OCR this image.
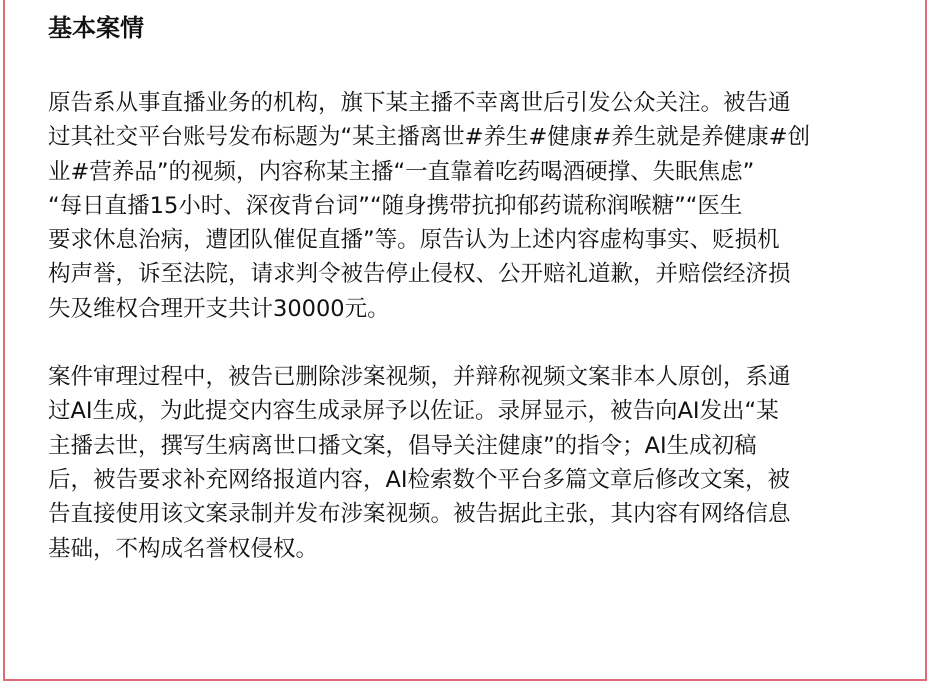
基本案情

原告系从事直播业务的机构，旗下某主播不幸离世后引发公众关注。被告通
过其社交平台账号发布标题为“某主播离世#养生#健康#养生就是养健康#创
业#营养品”的视频，内容称某主播“一直靠着吃药喝酒硬撑、失眠焦虑”
“每日直播15小时、深夜背台词”“随身携带抗抑郁药谎称润喉糖”“医生
要求休息治病，遭团队催促直播”等。原告认为上述内容虚构事实、贬损机
构声誉，诉至法院，请求判令被告停止侵权、公开赔礼道歉，并赔偿经济损
失及维权合理开支共计30000元。

案件审理过程中，被告已删除涉案视频，并辩称视频文案非本人原创，系通
过AI生成，为此提交内容生成录屏予以佐证。录屏显示，被告向AI发出“某
主播去世，撰写生病离世口播文案，倡导关注健康”的指令；AI生成初稿
后，被告要求补充网络报道内容，AI检索数个平台多篇文章后修改文案，被
告直接使用该文案录制并发布涉案视频。被告据此主张，其内容有网络信息
基础，不构成名誉权侵权。
